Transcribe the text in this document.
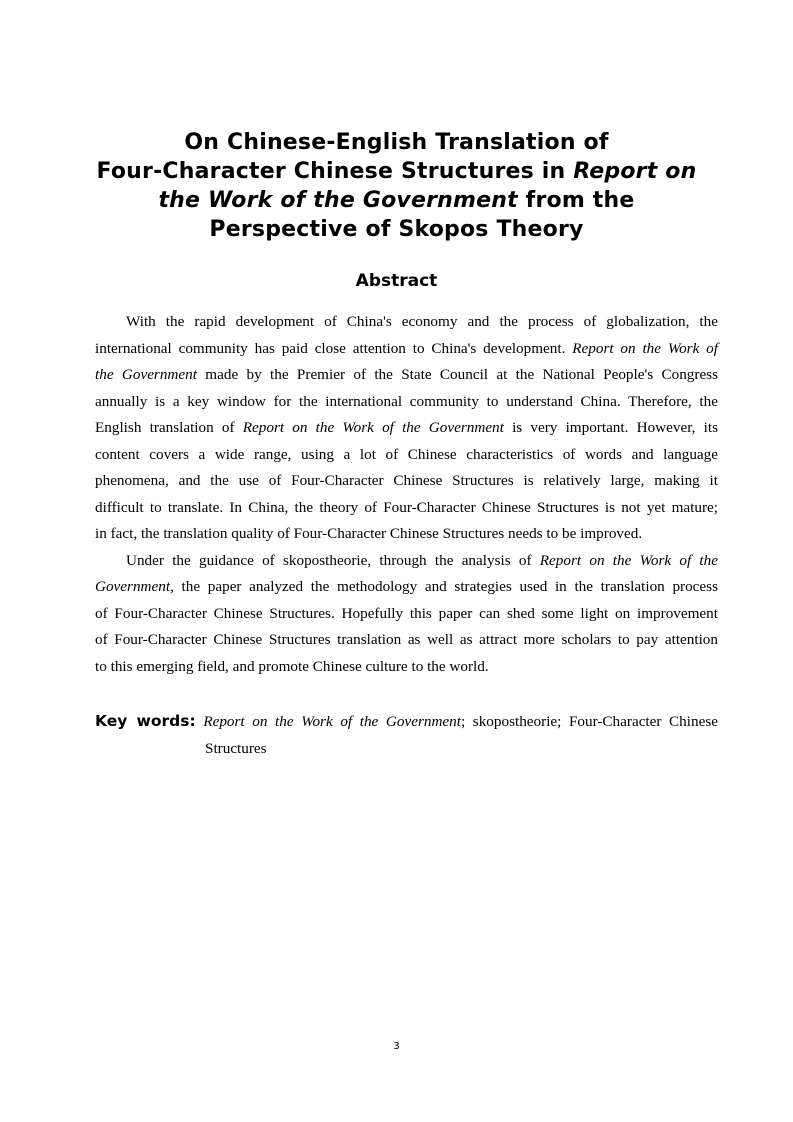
On Chinese-English Translation of
Four-Character Chinese Structures in Report on
the Work of the Government from the
Perspective of Skopos Theory
Abstract
With the rapid development of China's economy and the process of globalization, the
international community has paid close attention to China's development. Report on the Work of
the Government made by the Premier of the State Council at the National People's Congress
annually is a key window for the international community to understand China. Therefore, the
English translation of Report on the Work of the Government is very important. However, its
content covers a wide range, using a lot of Chinese characteristics of words and language
phenomena, and the use of Four-Character Chinese Structures is relatively large, making it
difficult to translate. In China, the theory of Four-Character Chinese Structures is not yet mature;
in fact, the translation quality of Four-Character Chinese Structures needs to be improved.
Under the guidance of skopostheorie, through the analysis of Report on the Work of the
Government, the paper analyzed the methodology and strategies used in the translation process
of Four-Character Chinese Structures. Hopefully this paper can shed some light on improvement
of Four-Character Chinese Structures translation as well as attract more scholars to pay attention
to this emerging field, and promote Chinese culture to the world.
Key words: Report on the Work of the Government; skopostheorie; Four-Character Chinese
Structures
3
